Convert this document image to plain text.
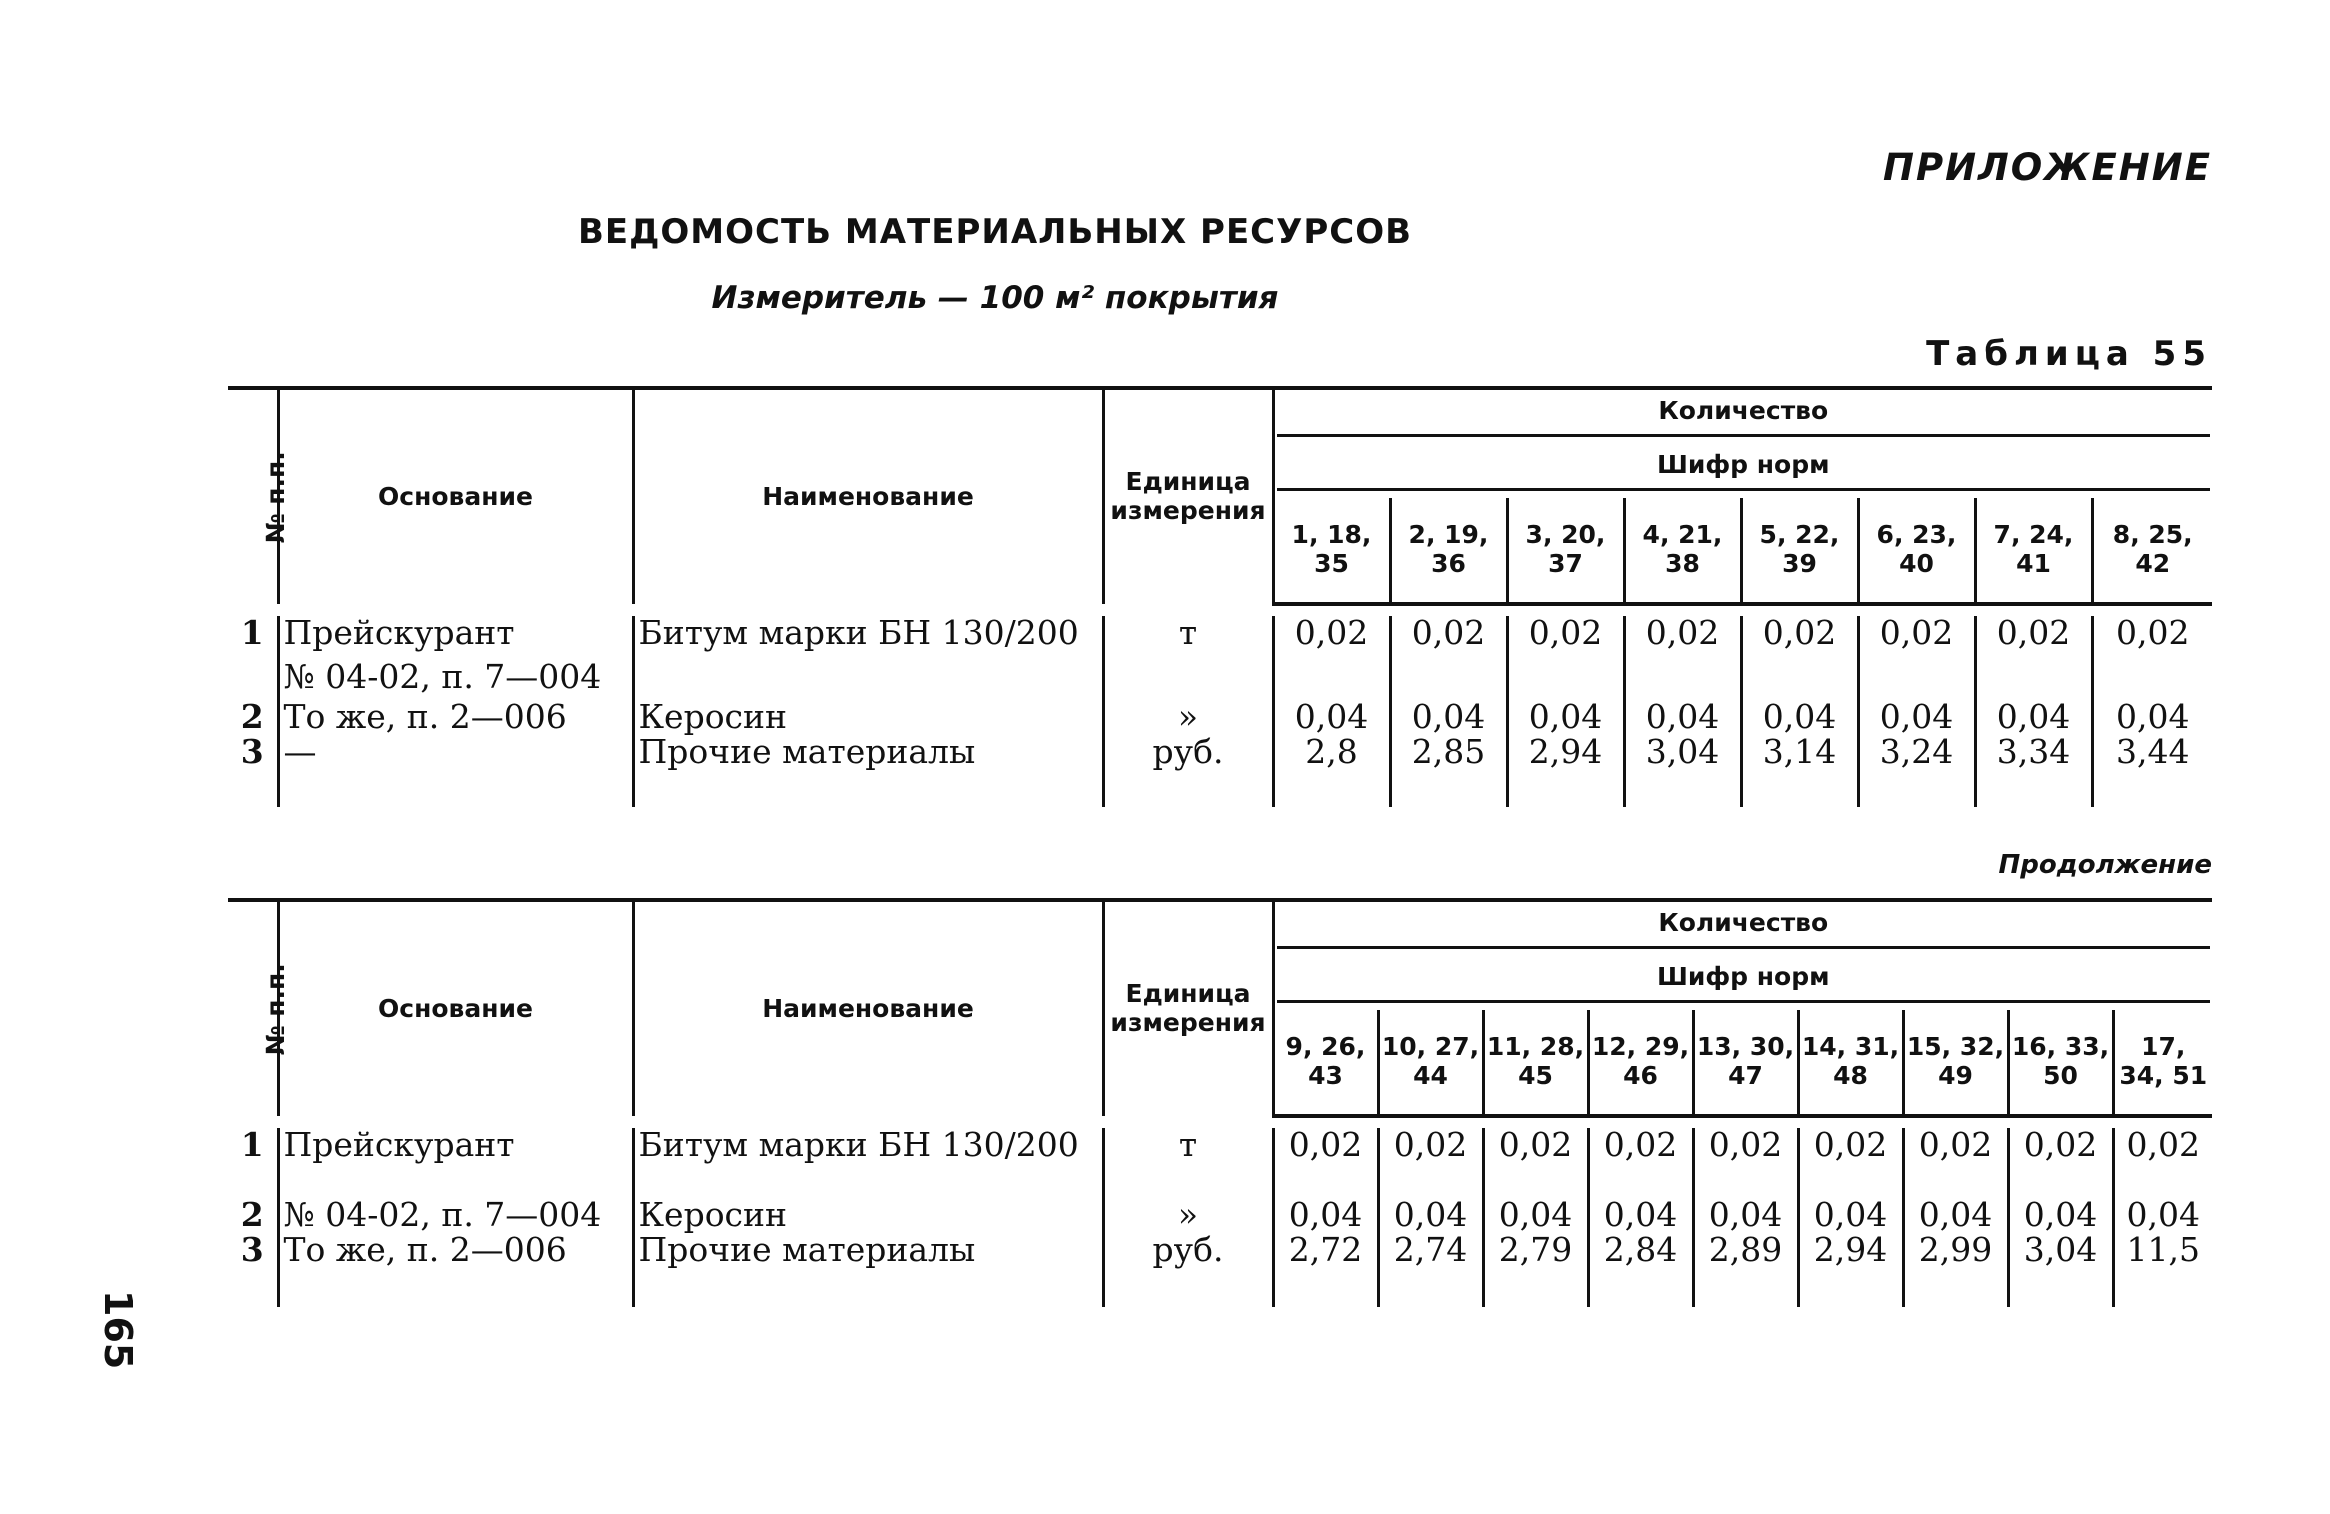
ПРИЛОЖЕНИЕ
ВЕДОМОСТЬ МАТЕРИАЛЬНЫХ РЕСУРСОВ
Измеритель — 100 м² покрытия
Таблица 55
№ п.п.	Основание	Наименование	Единица измерения	Количество							

				Шифр норм							

				1, 18, 35	2, 19, 36	3, 20, 37	4, 21, 38	5, 22, 39	6, 23, 40	7, 24, 41	8, 25, 42

1	Прейскурант	Битум марки БН 130/200	т	0,02	0,02	0,02	0,02	0,02	0,02	0,02	0,02
	№ 04-02, п. 7—004										
2	То же, п. 2—006	Керосин	»	0,04	0,04	0,04	0,04	0,04	0,04	0,04	0,04
3	—	Прочие материалы	руб.	2,8	2,85	2,94	3,04	3,14	3,24	3,34	3,44

Продолжение
№ п.п.	Основание	Наименование	Единица измерения	Количество								

				Шифр норм								

				9, 26, 43	10, 27, 44	11, 28, 45	12, 29, 46	13, 30, 47	14, 31, 48	15, 32, 49	16, 33, 50	17, 34, 51

1	Прейскурант	Битум марки БН 130/200	т	0,02	0,02	0,02	0,02	0,02	0,02	0,02	0,02	0,02
2	№ 04-02, п. 7—004	Керосин	»	0,04	0,04	0,04	0,04	0,04	0,04	0,04	0,04	0,04
3	То же, п. 2—006	Прочие материалы	руб.	2,72	2,74	2,79	2,84	2,89	2,94	2,99	3,04	11,5

165
